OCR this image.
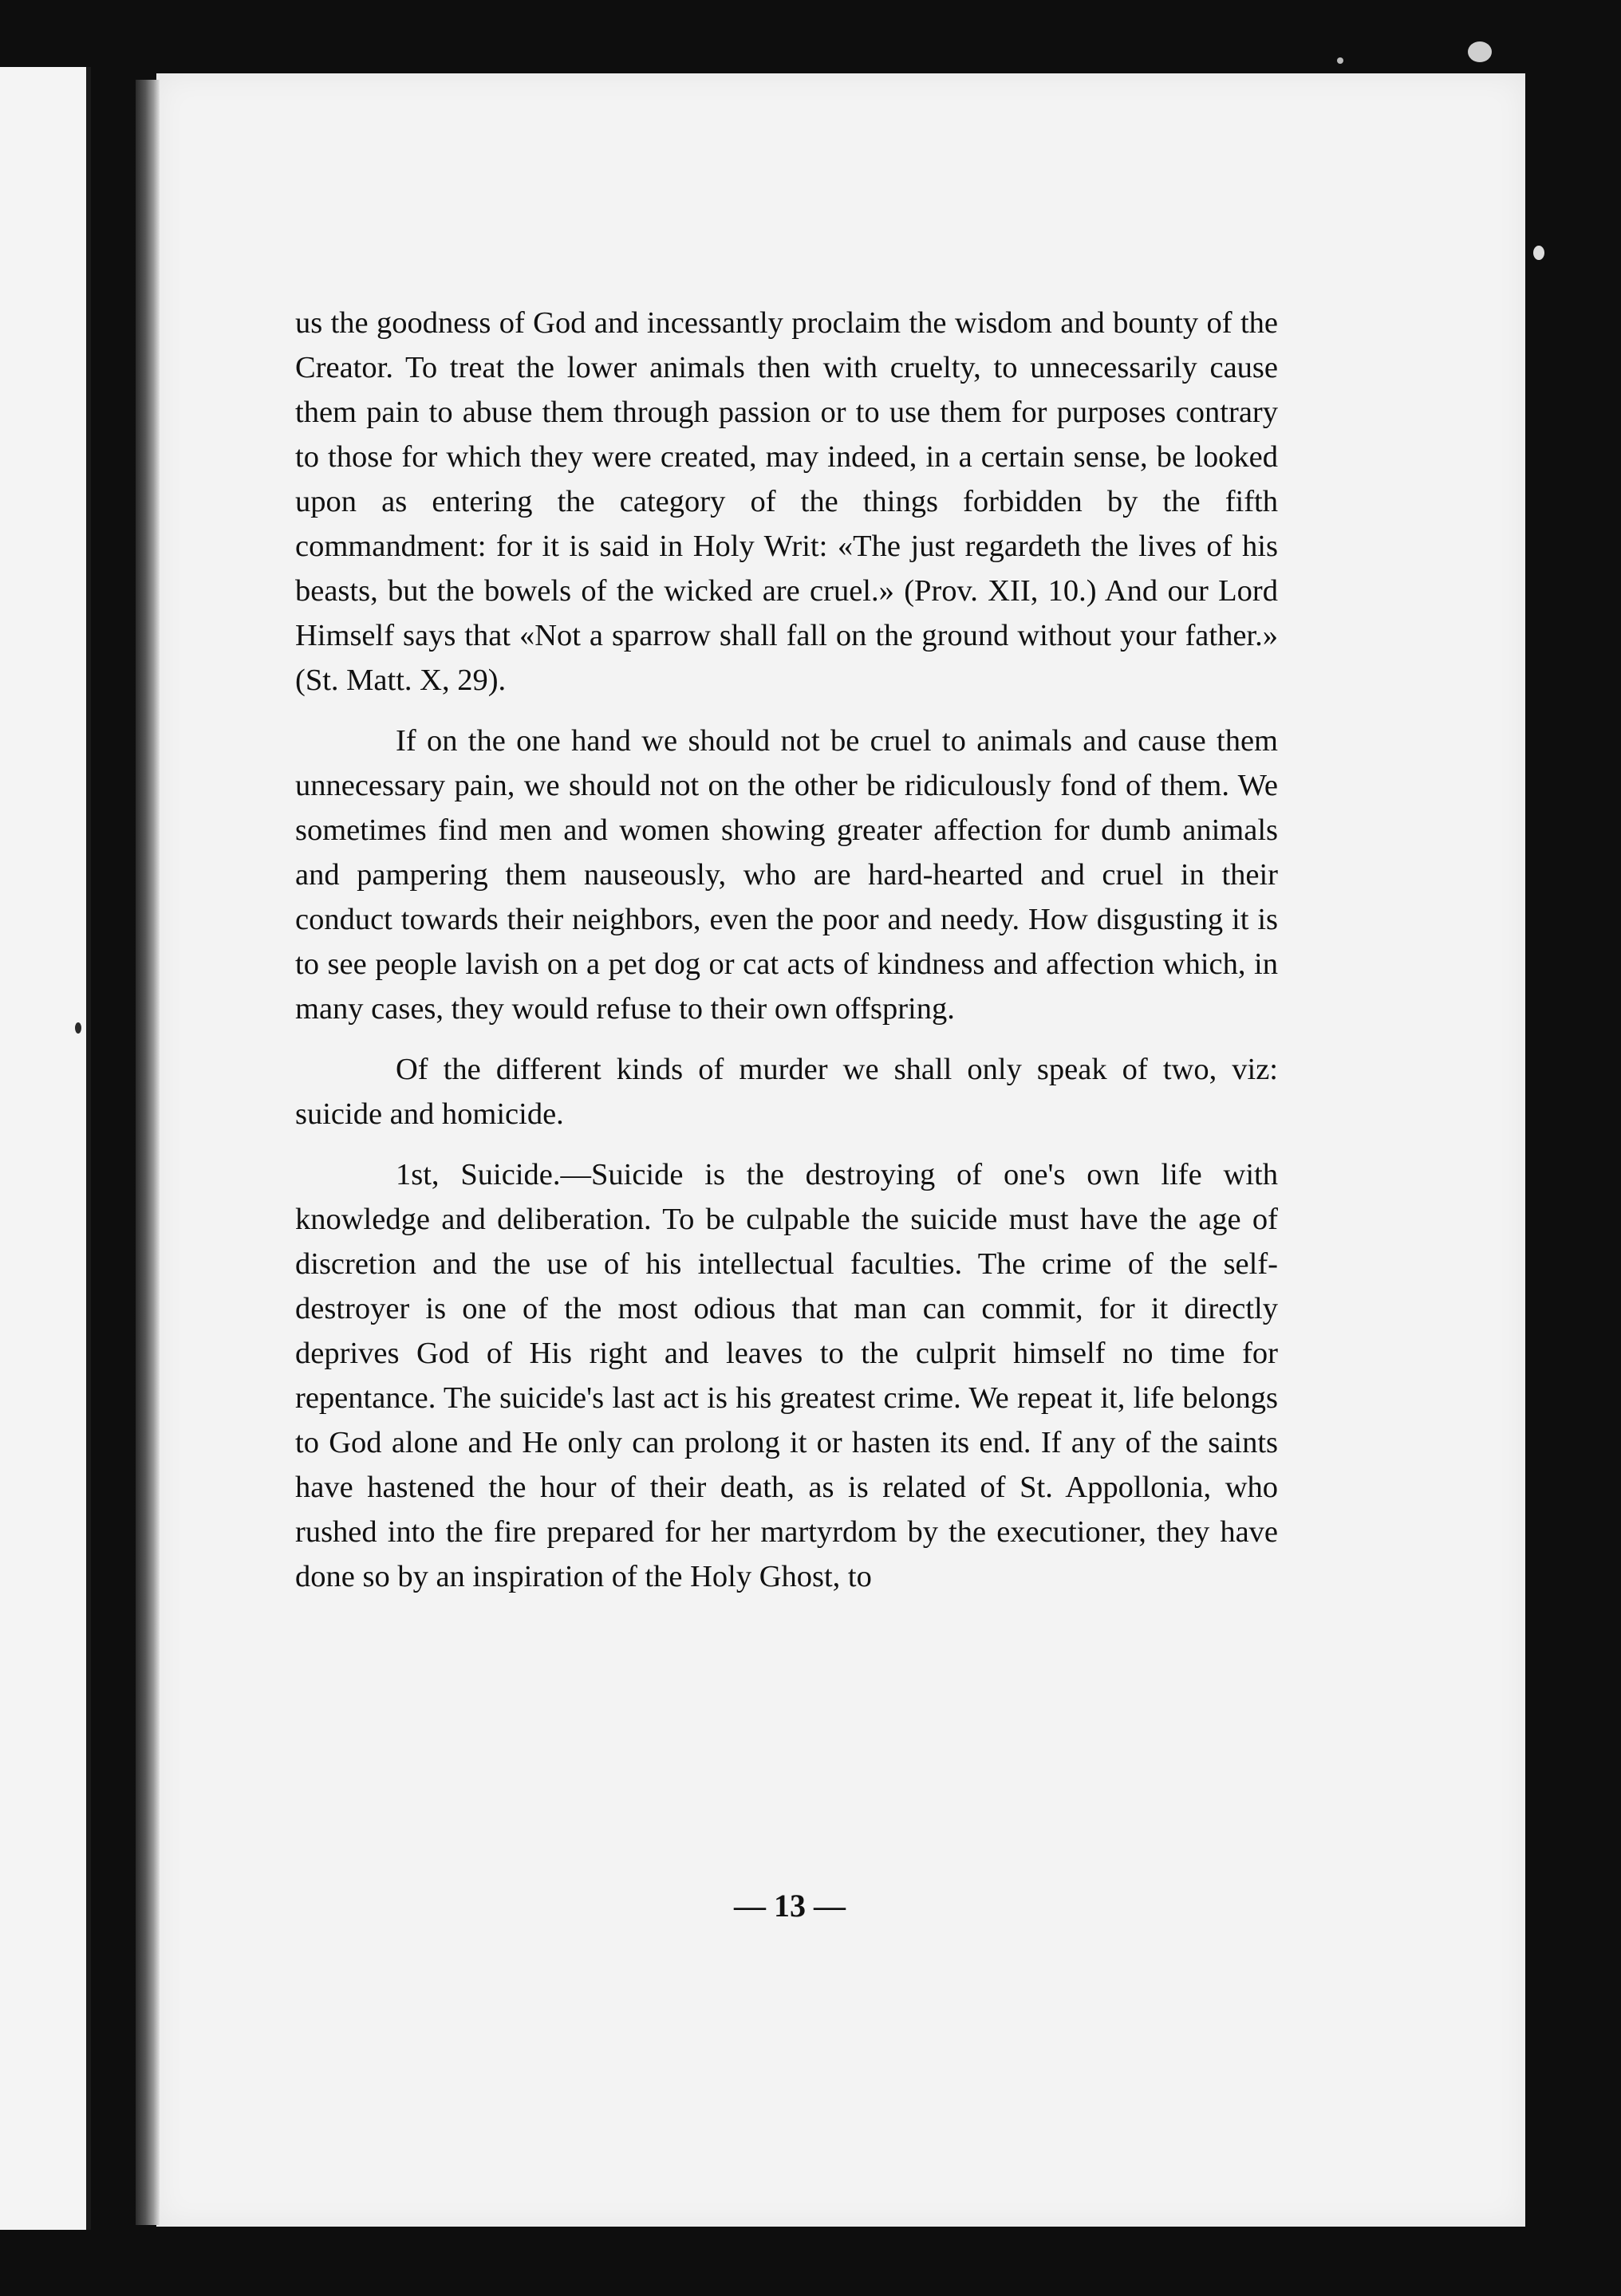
us the goodness of God and incessantly proclaim the wisdom and bounty of the Creator. To treat the lower animals then with cruelty, to unnecessarily cause them pain to abuse them through passion or to use them for purposes contrary to those for which they were created, may indeed, in a certain sense, be looked upon as entering the category of the things forbidden by the fifth commandment: for it is said in Holy Writ: «The just regardeth the lives of his beasts, but the bowels of the wicked are cruel.» (Prov. XII, 10.) And our Lord Himself says that «Not a sparrow shall fall on the ground without your father.» (St. Matt. X, 29).

If on the one hand we should not be cruel to animals and cause them unnecessary pain, we should not on the other be ridiculously fond of them. We sometimes find men and women showing greater affection for dumb animals and pampering them nauseously, who are hard-hearted and cruel in their conduct towards their neighbors, even the poor and needy. How disgusting it is to see people lavish on a pet dog or cat acts of kindness and affection which, in many cases, they would refuse to their own offspring.

Of the different kinds of murder we shall only speak of two, viz: suicide and homicide.

1st, Suicide.—Suicide is the destroying of one's own life with knowledge and deliberation. To be culpable the suicide must have the age of discretion and the use of his intellectual faculties. The crime of the self-destroyer is one of the most odious that man can commit, for it directly deprives God of His right and leaves to the culprit himself no time for repentance. The suicide's last act is his greatest crime. We repeat it, life belongs to God alone and He only can prolong it or hasten its end. If any of the saints have hastened the hour of their death, as is related of St. Appollonia, who rushed into the fire prepared for her martyrdom by the executioner, they have done so by an inspiration of the Holy Ghost, to

— 13 —
